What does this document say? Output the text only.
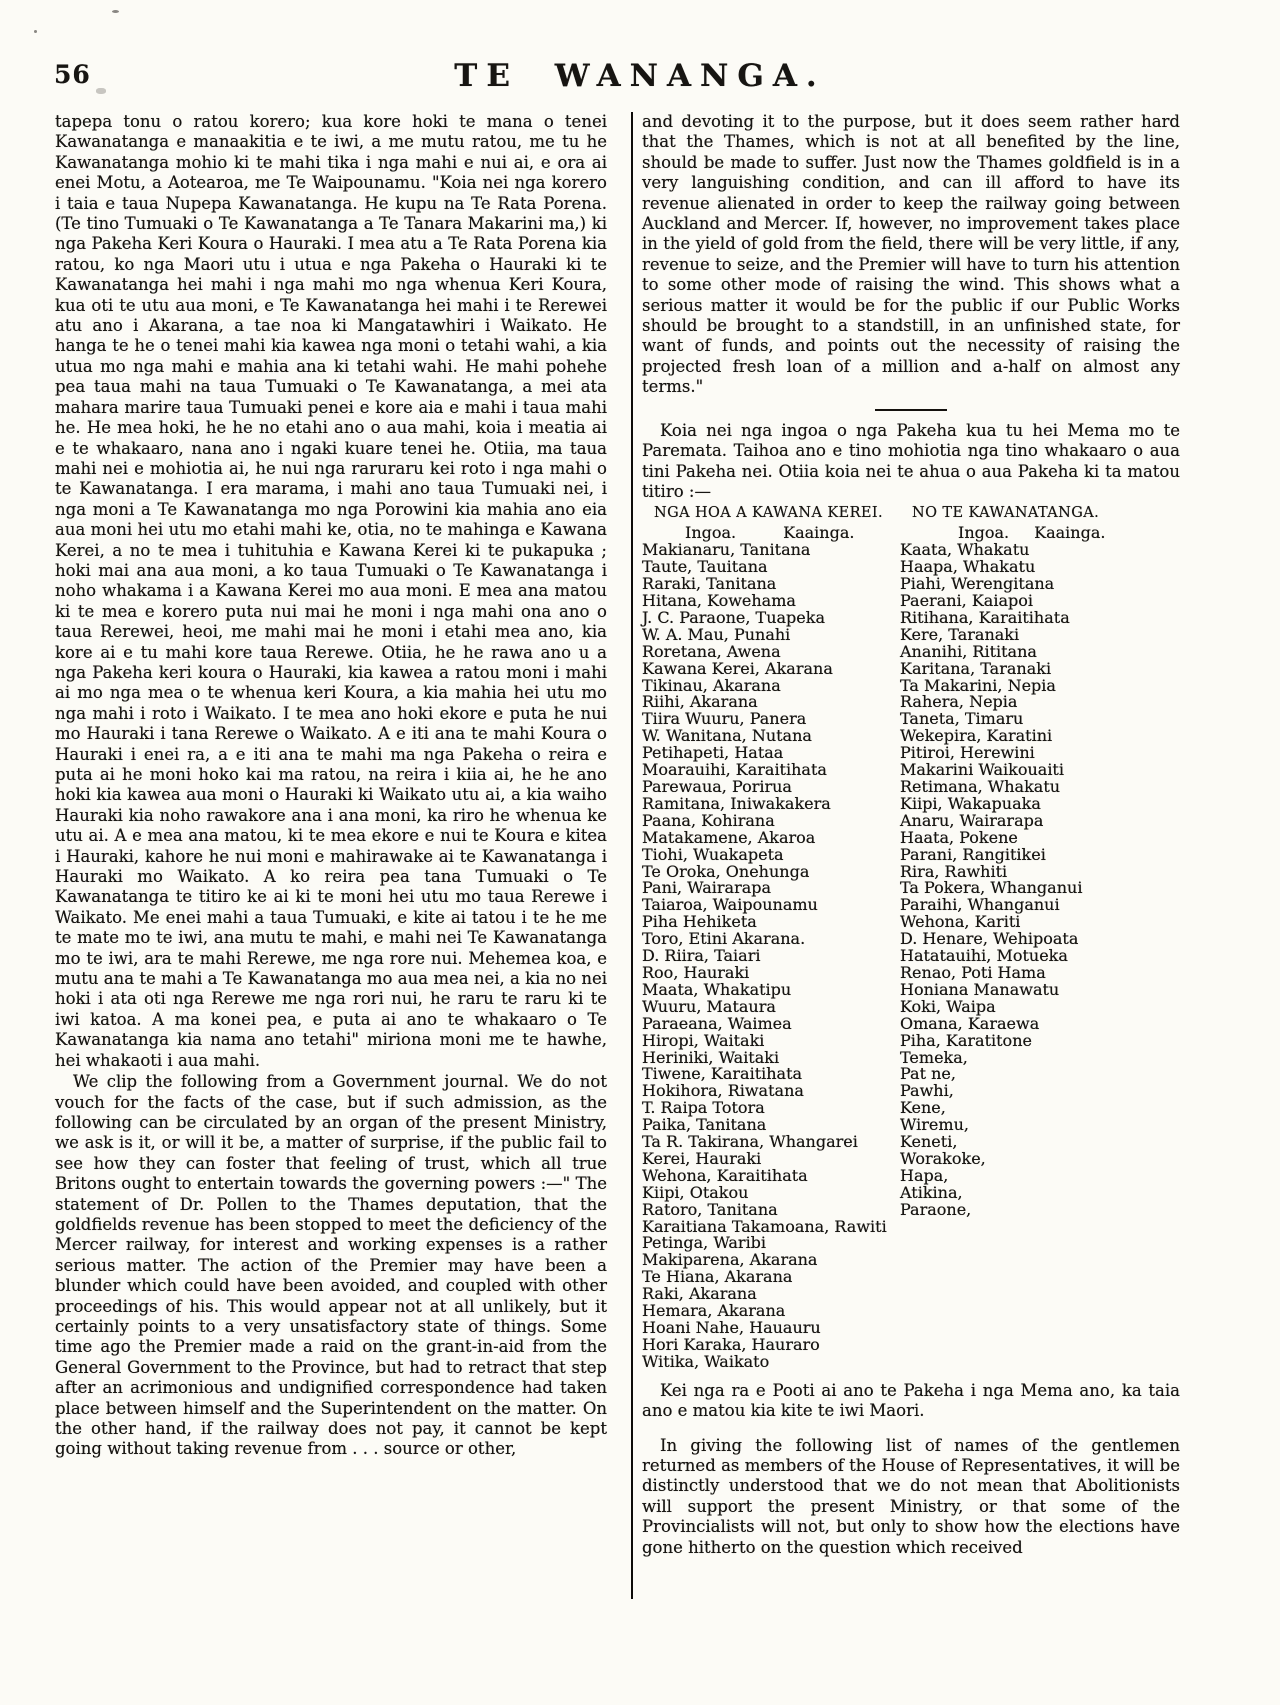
56	TE WANANGA.

tapepa tonu o ratou korero; kua kore hoki te mana o tenei Kawanatanga e manaakitia e te iwi, a me mutu ratou, me tu he Kawanatanga mohio ki te mahi tika i nga mahi e nui ai, e ora ai enei Motu, a Aotearoa, me Te Waipounamu. "Koia nei nga korero i taia e taua Nupepa Kawanatanga. He kupu na Te Rata Porena. (Te tino Tumuaki o Te Kawanatanga a Te Tanara Makarini ma,) ki nga Pakeha Keri Koura o Hauraki. I mea atu a Te Rata Porena kia ratou, ko nga Maori utu i utua e nga Pakeha o Hauraki ki te Kawanatanga hei mahi i nga mahi mo nga whenua Keri Koura, kua oti te utu aua moni, e Te Kawanatanga hei mahi i te Rerewei atu ano i Akarana, a tae noa ki Mangatawhiri i Waikato. He hanga te he o tenei mahi kia kawea nga moni o tetahi wahi, a kia utua mo nga mahi e mahia ana ki tetahi wahi. He mahi pohehe pea taua mahi na taua Tumuaki o Te Kawanatanga, a mei ata mahara marire taua Tumuaki penei e kore aia e mahi i taua mahi he. He mea hoki, he he no etahi ano o aua mahi, koia i meatia ai e te whakaaro, nana ano i ngaki kuare tenei he. Otiia, ma taua mahi nei e mohiotia ai, he nui nga raruraru kei roto i nga mahi o te Kawanatanga. I era marama, i mahi ano taua Tumuaki nei, i nga moni a Te Kawanatanga mo nga Porowini kia mahia ano eia aua moni hei utu mo etahi mahi ke, otia, no te mahinga e Kawana Kerei, a no te mea i tuhituhia e Kawana Kerei ki te pukapuka ; hoki mai ana aua moni, a ko taua Tumuaki o Te Kawanatanga i noho whakama i a Kawana Kerei mo aua moni. E mea ana matou ki te mea e korero puta nui mai he moni i nga mahi ona ano o taua Rerewei, heoi, me mahi mai he moni i etahi mea ano, kia kore ai e tu mahi kore taua Rerewe. Otiia, he he rawa ano u a nga Pakeha keri koura o Hauraki, kia kawea a ratou moni i mahi ai mo nga mea o te whenua keri Koura, a kia mahia hei utu mo nga mahi i roto i Waikato. I te mea ano hoki ekore e puta he nui mo Hauraki i tana Rerewe o Waikato. A e iti ana te mahi Koura o Hauraki i enei ra, a e iti ana te mahi ma nga Pakeha o reira e puta ai he moni hoko kai ma ratou, na reira i kiia ai, he he ano hoki kia kawea aua moni o Hauraki ki Waikato utu ai, a kia waiho Hauraki kia noho rawakore ana i ana moni, ka riro he whenua ke utu ai. A e mea ana matou, ki te mea ekore e nui te Koura e kitea i Hauraki, kahore he nui moni e mahirawake ai te Kawanatanga i Hauraki mo Waikato. A ko reira pea tana Tumuaki o Te Kawanatanga te titiro ke ai ki te moni hei utu mo taua Rerewe i Waikato. Me enei mahi a taua Tumuaki, e kite ai tatou i te he me te mate mo te iwi, ana mutu te mahi, e mahi nei Te Kawanatanga mo te iwi, ara te mahi Rerewe, me nga rore nui. Mehemea koa, e mutu ana te mahi a Te Kawanatanga mo aua mea nei, a kia no nei hoki i ata oti nga Rerewe me nga rori nui, he raru te raru ki te iwi katoa. A ma konei pea, e puta ai ano te whakaaro o Te Kawanatanga kia nama ano tetahi" miriona moni me te hawhe, hei whakaoti i aua mahi.

We clip the following from a Government journal. We do not vouch for the facts of the case, but if such admission, as the following can be circulated by an organ of the present Ministry, we ask is it, or will it be, a matter of surprise, if the public fail to see how they can foster that feeling of trust, which all true Britons ought to entertain towards the governing powers :—" The statement of Dr. Pollen to the Thames deputation, that the goldfields revenue has been stopped to meet the deficiency of the Mercer railway, for interest and working expenses is a rather serious matter. The action of the Premier may have been a blunder which could have been avoided, and coupled with other proceedings of his. This would appear not at all unlikely, but it certainly points to a very unsatisfactory state of things. Some time ago the Premier made a raid on the grant-in-aid from the General Government to the Province, but had to retract that step after an acrimonious and undignified correspondence had taken place between himself and the Superintendent on the matter. On the other hand, if the railway does not pay, it cannot be kept going without taking revenue from . . . source or other,

and devoting it to the purpose, but it does seem rather hard that the Thames, which is not at all benefited by the line, should be made to suffer. Just now the Thames goldfield is in a very languishing condition, and can ill afford to have its revenue alienated in order to keep the railway going between Auckland and Mercer. If, however, no improvement takes place in the yield of gold from the field, there will be very little, if any, revenue to seize, and the Premier will have to turn his attention to some other mode of raising the wind. This shows what a serious matter it would be for the public if our Public Works should be brought to a standstill, in an unfinished state, for want of funds, and points out the necessity of raising the projected fresh loan of a million and a-half on almost any terms."

Koia nei nga ingoa o nga Pakeha kua tu hei Mema mo te Paremata. Taihoa ano e tino mohiotia nga tino whakaaro o aua tini Pakeha nei. Otiia koia nei te ahua o aua Pakeha ki ta matou titiro :—

NGA HOA A KAWANA KEREI.	NO TE KAWANATANGA.
Ingoa.	Kaainga.	Ingoa. Kaainga.
Makianaru, Tanitana	Kaata, Whakatu
Taute, Tauitana	Haapa, Whakatu
Raraki, Tanitana	Piahi, Werengitana
Hitana, Kowehama	Paerani, Kaiapoi
J. C. Paraone, Tuapeka	Ritihana, Karaitihata
W. A. Mau, Punahi	Kere, Taranaki
Roretana, Awena	Ananihi, Rititana
Kawana Kerei, Akarana	Karitana, Taranaki
Tikinau, Akarana	Ta Makarini, Nepia
Riihi, Akarana	Rahera, Nepia
Tiira Wuuru, Panera	Taneta, Timaru
W. Wanitana, Nutana	Wekepira, Karatini
Petihapeti, Hataa	Pitiroi, Herewini
Moarauihi, Karaitihata	Makarini Waikouaiti
Parewaua, Porirua	Retimana, Whakatu
Ramitana, Iniwakakera	Kiipi, Wakapuaka
Paana, Kohirana	Anaru, Wairarapa
Matakamene, Akaroa	Haata, Pokene
Tiohi, Wuakapeta	Parani, Rangitikei
Te Oroka, Onehunga	Rira, Rawhiti
Pani, Wairarapa	Ta Pokera, Whanganui
Taiaroa, Waipounamu	Paraihi, Whanganui
Piha Hehiketa	Wehona, Kariti
Toro, Etini Akarana.	D. Henare, Wehipoata
D. Riira, Taiari	Hatatauihi, Motueka
Roo, Hauraki	Renao, Poti Hama
Maata, Whakatipu	Honiana Manawatu
Wuuru, Mataura	Koki, Waipa
Paraeana, Waimea	Omana, Karaewa
Hiropi, Waitaki	Piha, Karatitone
Heriniki, Waitaki	Temeka,
Tiwene, Karaitihata	Pat ne,
Hokihora, Riwatana	Pawhi,
T. Raipa Totora	Kene,
Paika, Tanitana	Wiremu,
Ta R. Takirana, Whangarei	Keneti,
Kerei, Hauraki	Worakoke,
Wehona, Karaitihata	Hapa,
Kiipi, Otakou	Atikina,
Ratoro, Tanitana	Paraone,
Karaitiana Takamoana, Rawiti
Petinga, Waribi
Makiparena, Akarana
Te Hiana, Akarana
Raki, Akarana
Hemara, Akarana
Hoani Nahe, Hauauru
Hori Karaka, Hauraro
Witika, Waikato

Kei nga ra e Pooti ai ano te Pakeha i nga Mema ano, ka taia ano e matou kia kite te iwi Maori.

In giving the following list of names of the gentlemen returned as members of the House of Representatives, it will be distinctly understood that we do not mean that Abolitionists will support the present Ministry, or that some of the Provincialists will not, but only to show how the elections have gone hitherto on the question which received
